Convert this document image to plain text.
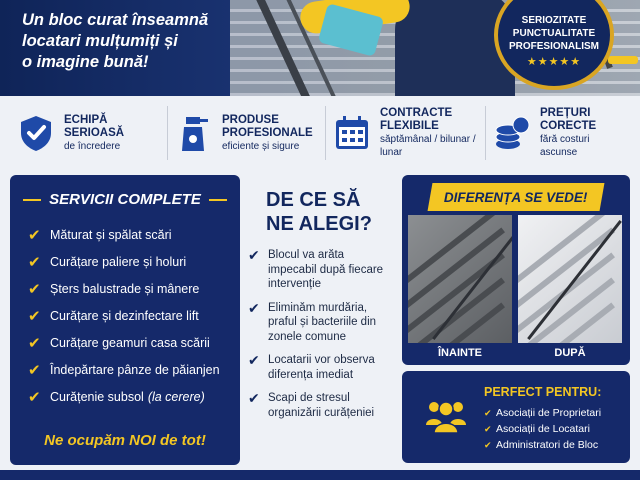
Un bloc curat înseamnă
locatari mulțumiți și
o imagine bună!
SERIOZITATE
PUNCTUALITATE
PROFESIONALISM
★★★★★
ECHIPĂ
SERIOASĂ
de încredere
PRODUSE
PROFESIONALE
eficiente și sigure
CONTRACTE
FLEXIBILE
săptămânal / bilunar / lunar
PREȚURI
CORECTE
fără costuri ascunse
SERVICII COMPLETE
✔ Măturat și spălat scări
✔ Curățare paliere și holuri
✔ Șters balustrade și mânere
✔ Curățare și dezinfectare lift
✔ Curățare geamuri casa scării
✔ Îndepărtare pânze de păianjen
✔ Curățenie subsol (la cerere)
Ne ocupăm NOI de tot!
DE CE SĂ
NE ALEGI?
✔ Blocul va arăta
impecabil după fiecare
intervenție
✔ Eliminăm murdăria,
praful și bacteriile din
zonele comune
✔ Locatarii vor observa
diferența imediat
✔ Scapi de stresul
organizării curățeniei
DIFERENȚA SE VEDE!
ÎNAINTE	DUPĂ
PERFECT PENTRU:
✔ Asociații de Proprietari
✔ Asociații de Locatari
✔ Administratori de Bloc
